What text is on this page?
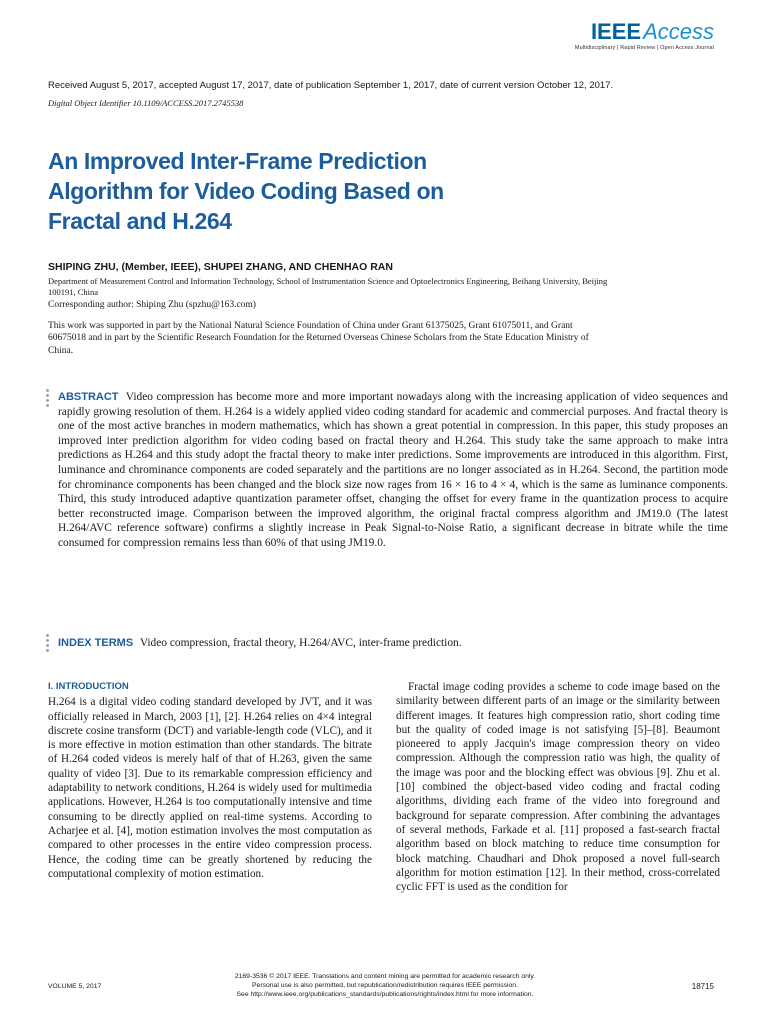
IEEEAccess
Multidisciplinary | Rapid Review | Open Access Journal
Received August 5, 2017, accepted August 17, 2017, date of publication September 1, 2017, date of current version October 12, 2017.
Digital Object Identifier 10.1109/ACCESS.2017.2745538
An Improved Inter-Frame Prediction
Algorithm for Video Coding Based on
Fractal and H.264
SHIPING ZHU, (Member, IEEE), SHUPEI ZHANG, AND CHENHAO RAN
Department of Measurement Control and Information Technology, School of Instrumentation Science and Optoelectronics Engineering, Beihang University, Beijing 100191, China
Corresponding author: Shiping Zhu (spzhu@163.com)
This work was supported in part by the National Natural Science Foundation of China under Grant 61375025, Grant 61075011, and Grant 60675018 and in part by the Scientific Research Foundation for the Returned Overseas Chinese Scholars from the State Education Ministry of China.
ABSTRACT Video compression has become more and more important nowadays along with the increasing application of video sequences and rapidly growing resolution of them. H.264 is a widely applied video coding standard for academic and commercial purposes. And fractal theory is one of the most active branches in modern mathematics, which has shown a great potential in compression. In this paper, this study proposes an improved inter prediction algorithm for video coding based on fractal theory and H.264. This study take the same approach to make intra predictions as H.264 and this study adopt the fractal theory to make inter predictions. Some improvements are introduced in this algorithm. First, luminance and chrominance components are coded separately and the partitions are no longer associated as in H.264. Second, the partition mode for chrominance components has been changed and the block size now rages from 16 × 16 to 4 × 4, which is the same as luminance components. Third, this study introduced adaptive quantization parameter offset, changing the offset for every frame in the quantization process to acquire better reconstructed image. Comparison between the improved algorithm, the original fractal compress algorithm and JM19.0 (The latest H.264/AVC reference software) confirms a slightly increase in Peak Signal-to-Noise Ratio, a significant decrease in bitrate while the time consumed for compression remains less than 60% of that using JM19.0.
INDEX TERMS Video compression, fractal theory, H.264/AVC, inter-frame prediction.
I. INTRODUCTION

H.264 is a digital video coding standard developed by JVT, and it was officially released in March, 2003 [1], [2]. H.264 relies on 4×4 integral discrete cosine transform (DCT) and variable-length code (VLC), and it is more effective in motion estimation than other standards. The bitrate of H.264 coded videos is merely half of that of H.263, given the same quality of video [3]. Due to its remarkable compression efficiency and adaptability to network conditions, H.264 is widely used for multimedia applications. However, H.264 is too computationally intensive and time consuming to be directly applied on real-time systems. According to Acharjee et al. [4], motion estimation involves the most computation as compared to other processes in the entire video compression process. Hence, the coding time can be greatly shortened by reducing the computational complexity of motion estimation.

Fractal image coding provides a scheme to code image based on the similarity between different parts of an image or the similarity between different images. It features high compression ratio, short coding time but the quality of coded image is not satisfying [5]–[8]. Beaumont pioneered to apply Jacquin's image compression theory on video compression. Although the compression ratio was high, the quality of the image was poor and the blocking effect was obvious [9]. Zhu et al. [10] combined the object-based video coding and fractal coding algorithms, dividing each frame of the video into foreground and background for separate compression. After combining the advantages of several methods, Farkade et al. [11] proposed a fast-search fractal algorithm based on block matching to reduce time consumption for block matching. Chaudhari and Dhok proposed a novel full-search algorithm for motion estimation [12]. In their method, cross-correlated cyclic FFT is used as the condition for

VOLUME 5, 2017
2169-3536 © 2017 IEEE. Translations and content mining are permitted for academic research only.
Personal use is also permitted, but republication/redistribution requires IEEE permission.
See http://www.ieee.org/publications_standards/publications/rights/index.html for more information.
18715
